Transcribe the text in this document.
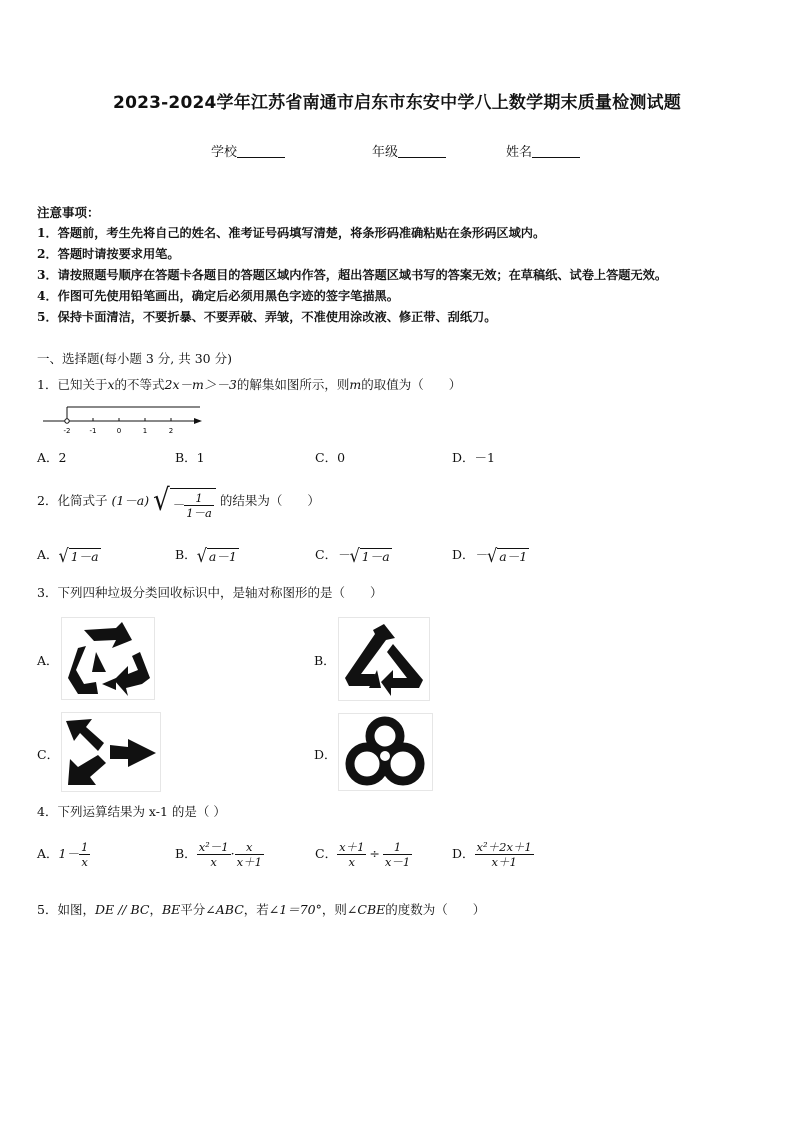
2023-2024学年江苏省南通市启东市东安中学八上数学期末质量检测试题
学校	年级	姓名
注意事项：
1．答题前，考生先将自己的姓名、准考证号码填写清楚，将条形码准确粘贴在条形码区域内。
2．答题时请按要求用笔。
3．请按照题号顺序在答题卡各题目的答题区域内作答，超出答题区域书写的答案无效；在草稿纸、试卷上答题无效。
4．作图可先使用铅笔画出，确定后必须用黑色字迹的签字笔描黑。
5．保持卡面清洁，不要折暴、不要弄破、弄皱，不准使用涂改液、修正带、刮纸刀。
一、选择题(每小题 3 分, 共 30 分)
1．已知关于x的不等式2x－m＞－3的解集如图所示，则m的取值为（　　）
-2	-1	0	1	2
A．2	B．1	C．0	D．－1
2．化简式子 (1－a) √ － $\frac{1}{1-a}$ 的结果为（　　）
A．√ 1－a	B．√ a－1	C．－√ 1－a	D．－√ a－1
3．下列四种垃圾分类回收标识中，是轴对称图形的是（　　）
A．	B．
C．	D．
4．下列运算结果为 x-1 的是（ ）
A．$1- \frac{1}{x}$	B． $\frac{\text{x²－1}}{x} \cdot \frac{x}{x+1}$	C． $\frac{x+1}{x} \div \frac{1}{x-1}$	D． $\frac{\text{x²＋2x＋1}}{x+1}$
5．如图，DE // BC，BE平分∠ABC，若∠1＝70°，则∠CBE的度数为（　　）
